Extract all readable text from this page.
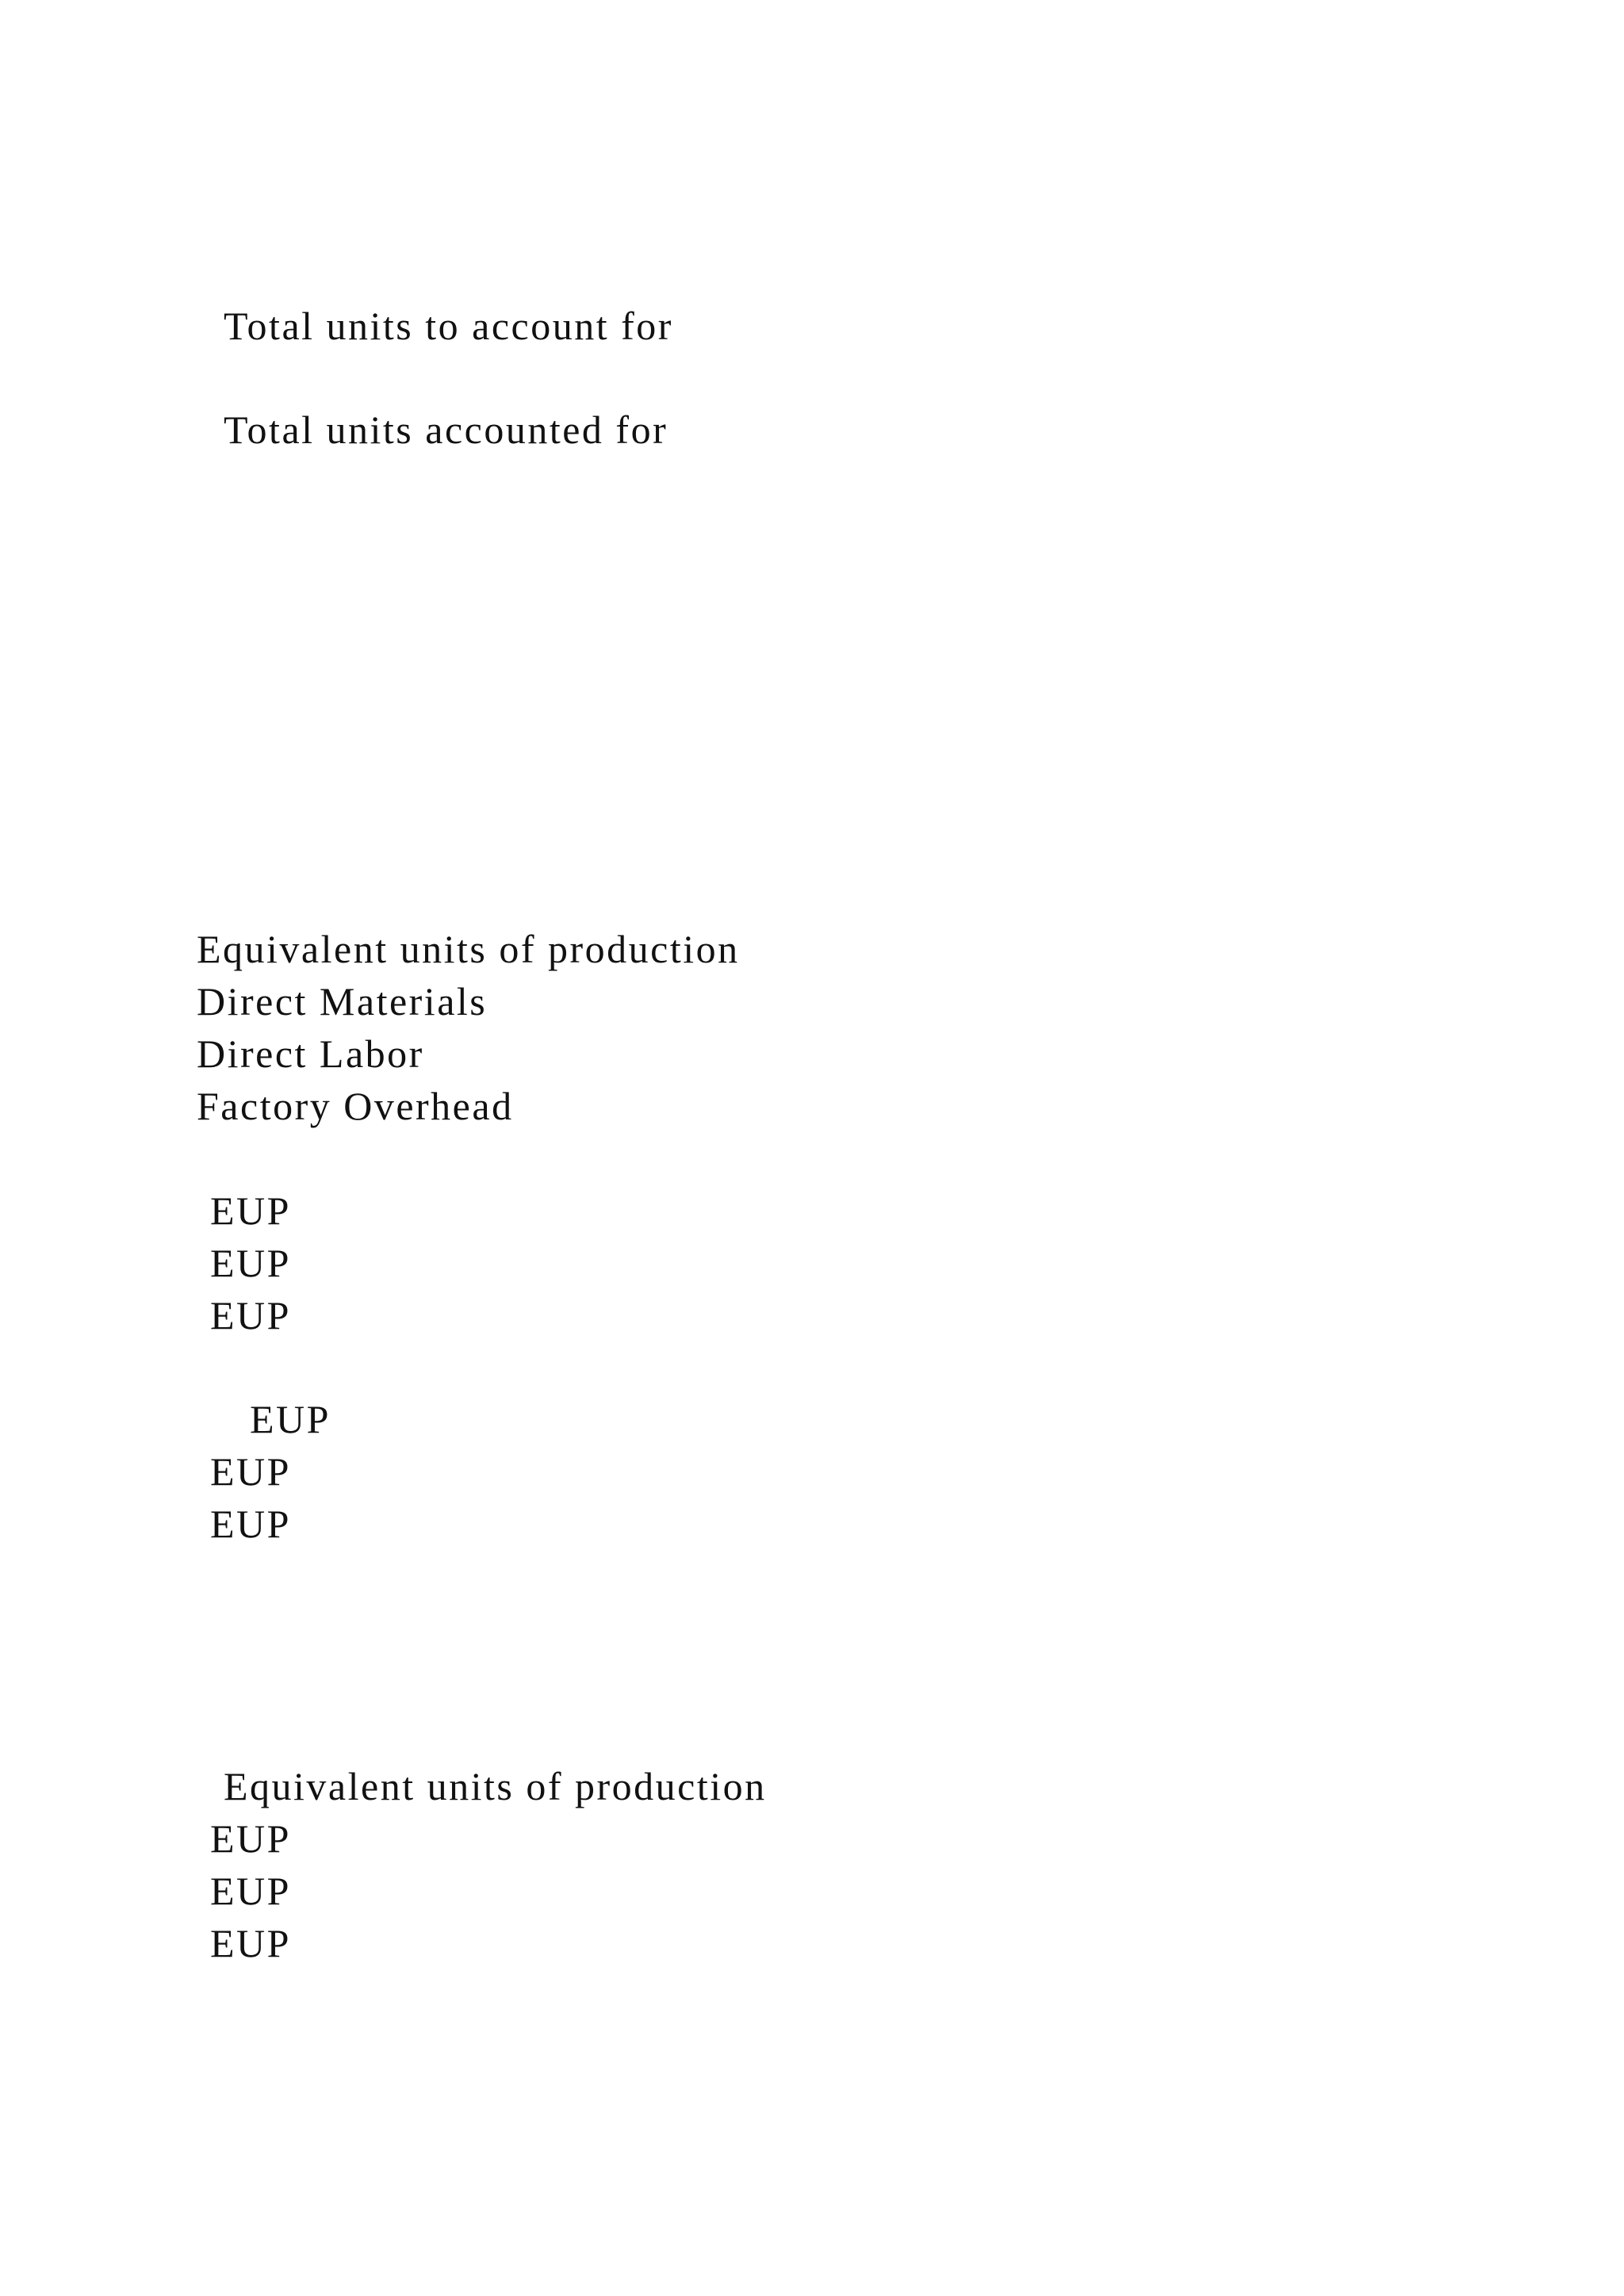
Total units to account for
Total units accounted for
Equivalent units of production
Direct Materials
Direct Labor
Factory Overhead
EUP
EUP
EUP
EUP
EUP
EUP
Equivalent units of production
EUP
EUP
EUP
